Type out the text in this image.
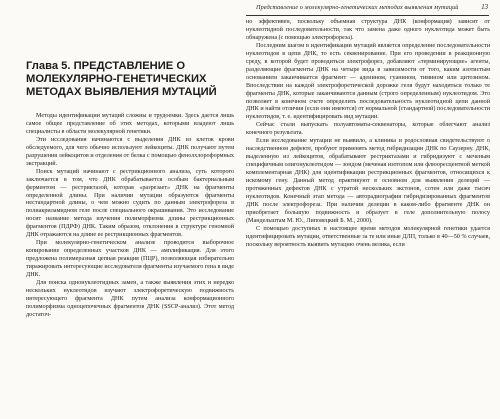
Представление о молекулярно-генетических методах выявления мутаций	13
Глава 5. ПРЕДСТАВЛЕНИЕ О МОЛЕКУЛЯРНО-ГЕНЕТИЧЕСКИХ МЕТОДАХ ВЫЯВЛЕНИЯ МУТАЦИЙ

Методы идентификации мутаций сложны и трудоемки. Здесь дается лишь самое общее представление об этих методах, которыми владеют лишь специалисты в области молекулярной генетики.

Эти исследования начинаются с выделения ДНК из клеток крови обследуемого, для чего обычно используют лейкоциты. ДНК получают путем разрушения лейкоцитов и отделения от белка с помощью фенолхлороформных экстракций.

Поиск мутаций начинают с рестрикционного анализа, суть которого заключается в том, что ДНК обрабатывается особым бактериальным ферментом — рестриктазой, которая «разрезает» ДНК на фрагменты определенной длины. При наличии мутации образуются фрагменты нестандартной длины, о чем можно судить по данным электрофореза в полиакриламидном геле после специального окрашивания. Это исследование носит название метода изучения полиморфизма длины рестрикционных фрагментов (ПДРФ) ДНК. Таким образом, отклонения в структуре геномной ДНК отражаются на длине ее рестрикционных фрагментов.

При молекулярно-генетическом анализе проводится выборочное копирование определенных участков ДНК — амплификация. Для этого предложена полимеразная цепная реакция (ПЦР), позволяющая избирательно тиражировать интересующие исследователя фрагменты изучаемого гена в виде ДНК.

Для поиска однонуклеотидных замен, а также выявления этих и нередко нескольких нуклеотидов изучают электрофоретическую подвижность интересующего фрагмента ДНК путем анализа конформационного полиморфизма одноцепочечных фрагментов ДНК (SSCP-анализ). Этот метод достаточ-

но эффективен, поскольку объемная структура ДНК (конформация) зависит от нуклеотидной последовательности, так что замена даже одного нуклеотида может быть обнаружена (с помощью электрофореза).

Последним шагом в идентификации мутаций является определение последовательности нуклеотидов в цепи ДНК, то есть секвенирование. При его проведении в реакционную среду, в которой будет проводиться электрофорез, добавляют «терминирующие» агенты, разделяющие фрагменты ДНК на четыре вида в зависимости от того, каким азотистым основанием заканчивается фрагмент — аденином, гуанином, тимином или цитозином. Впоследствии на каждой электрофоретической дорожке геля будут находиться только те фрагменты ДНК, которые заканчиваются данным (строго определенным) нуклеотидом. Это позволяет в конечном счете определить последовательность нуклеотидной цепи данной ДНК и найти отличия (если они имеются) от нормальной (стандартной) последовательности нуклеотидов, т. е. идентифицировать вид мутации.

Сейчас стали выпускать полуавтоматы-секвенаторы, которые облегчают анализ конечного результата.

Если исследование мутации не выявило, а клиника и родословная свидетельствуют о наследственном дефекте, пробуют применять метод гибридизации ДНК по Саузерну. ДНК, выделенную из лейкоцитов, обрабатывают рестриктазами и гибридизуют с меченым специфичным олигонуклеотидом — зондом (меченая изотопом или флюоресцентной меткой комплементарная ДНК) для идентификации рестрикционных фрагментов, относящихся к искомому гену. Данный метод практикуют в основном для выявления делеций — протяженных дефектов ДНК с утратой нескольких экстонов, сотен или даже тысяч нуклеотидов. Конечный этап метода — авторадиография гибридизированных фрагментов ДНК после электрофореза. При наличии делеции в каком-либо фрагменте ДНК он приобретает большую подвижность и образует в геле дополнительную полосу (Мандельштам М. Ю., Липовецкий Б. М., 2000).

С помощью доступных в настоящее время методов молекулярной генетики удается идентифицировать мутации, ответственные за те или иные ДЛП, только в 40—50 % случаев, поскольку вероятность выявить мутацию очень велика, если
